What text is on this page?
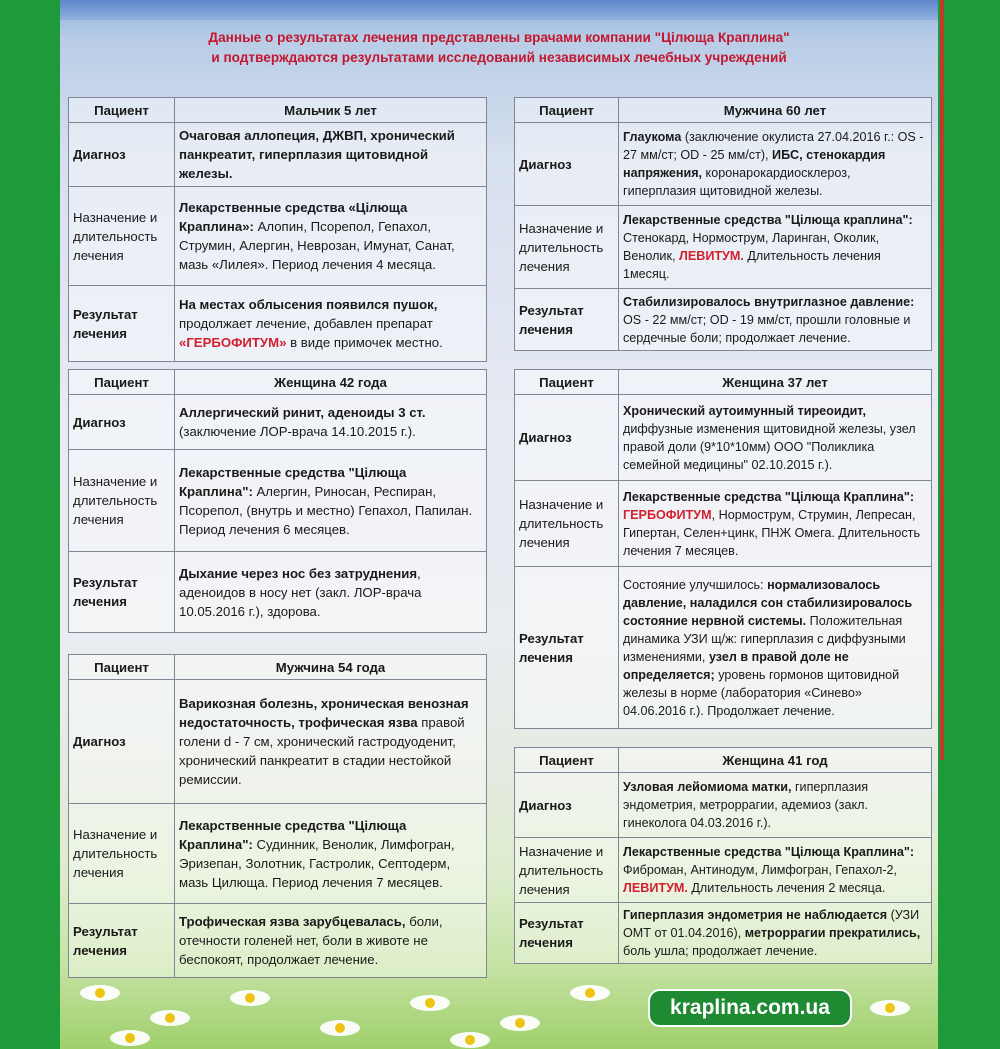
Данные о результатах лечения представлены врачами компании "Цілюща Краплина"
и подтверждаются результатами исследований независимых лечебных учреждений
Пациент	Мальчик 5 лет
Диагноз	Очаговая аллопеция, ДЖВП, хронический панкреатит, гиперплазия щитовидной железы.
Назначение и длительность лечения	Лекарственные средства «Цілюща Краплина»: Алопин, Псорепол, Гепахол, Струмин, Алергин, Неврозан, Имунат, Санат, мазь «Лилея». Период лечения 4 месяца.
Результат лечения	На местах облысения появился пушок, продолжает лечение, добавлен препарат «ГЕРБОФИТУМ» в виде примочек местно.
Пациент	Женщина 42 года
Диагноз	Аллергический ринит, аденоиды 3 ст. (заключение ЛОР-врача 14.10.2015 г.).
Назначение и длительность лечения	Лекарственные средства "Цілюща Краплина": Алергин, Риносан, Респиран, Псорепол, (внутрь и местно) Гепахол, Папилан. Период лечения 6 месяцев.
Результат лечения	Дыхание через нос без затруднения, аденоидов в носу нет (закл. ЛОР-врача 10.05.2016 г.), здорова.
Пациент	Мужчина 54 года
Диагноз	Варикозная болезнь, хроническая венозная недостаточность, трофическая язва правой голени d - 7 см, хронический гастродуоденит, хронический панкреатит в стадии нестойкой ремиссии.
Назначение и длительность лечения	Лекарственные средства "Цілюща Краплина": Судинник, Венолик, Лимфогран, Эризепан, Золотник, Гастролик, Септодерм, мазь Цилюща. Период лечения 7 месяцев.
Результат лечения	Трофическая язва зарубцевалась, боли, отечности голеней нет, боли в животе не беспокоят, продолжает лечение.
Пациент	Мужчина 60 лет
Диагноз	Глаукома (заключение окулиста 27.04.2016 г.: OS - 27 мм/ст; OD - 25 мм/ст), ИБС, стенокардия напряжения, коронарокардиосклероз, гиперплазия щитовидной железы.
Назначение и длительность лечения	Лекарственные средства "Цілюща краплина": Стенокард, Нормострум, Ларинган, Околик, Венолик, ЛЕВИТУМ. Длительность лечения 1месяц.
Результат лечения	Стабилизировалось внутриглазное давление: OS - 22 мм/ст; OD - 19 мм/ст, прошли головные и сердечные боли; продолжает лечение.
Пациент	Женщина 37 лет
Диагноз	Хронический аутоимунный тиреоидит, диффузные изменения щитовидной железы, узел правой доли (9*10*10мм) ООО "Поликлика семейной медицины" 02.10.2015 г.).
Назначение и длительность лечения	Лекарственные средства "Цілюща Краплина": ГЕРБОФИТУМ, Нормострум, Струмин, Лепресан, Гипертан, Селен+цинк, ПНЖ Омега. Длительность лечения 7 месяцев.
Результат лечения	Состояние улучшилось: нормализовалось давление, наладился сон стабилизировалось состояние нервной системы. Положительная динамика УЗИ щ/ж: гиперплазия с диффузными изменениями, узел в правой доле не определяется; уровень гормонов щитовидной железы в норме (лаборатория «Синево» 04.06.2016 г.). Продолжает лечение.
Пациент	Женщина 41 год
Диагноз	Узловая лейомиома матки, гиперплазия эндометрия, метроррагии, адемиоз (закл. гинеколога 04.03.2016 г.).
Назначение и длительность лечения	Лекарственные средства "Цілюща Краплина": Фиброман, Антинодум, Лимфогран, Гепахол-2, ЛЕВИТУМ. Длительность лечения 2 месяца.
Результат лечения	Гиперплазия эндометрия не наблюдается (УЗИ ОМТ от 01.04.2016), метроррагии прекратились, боль ушла; продолжает лечение.
kraplina.com.ua
